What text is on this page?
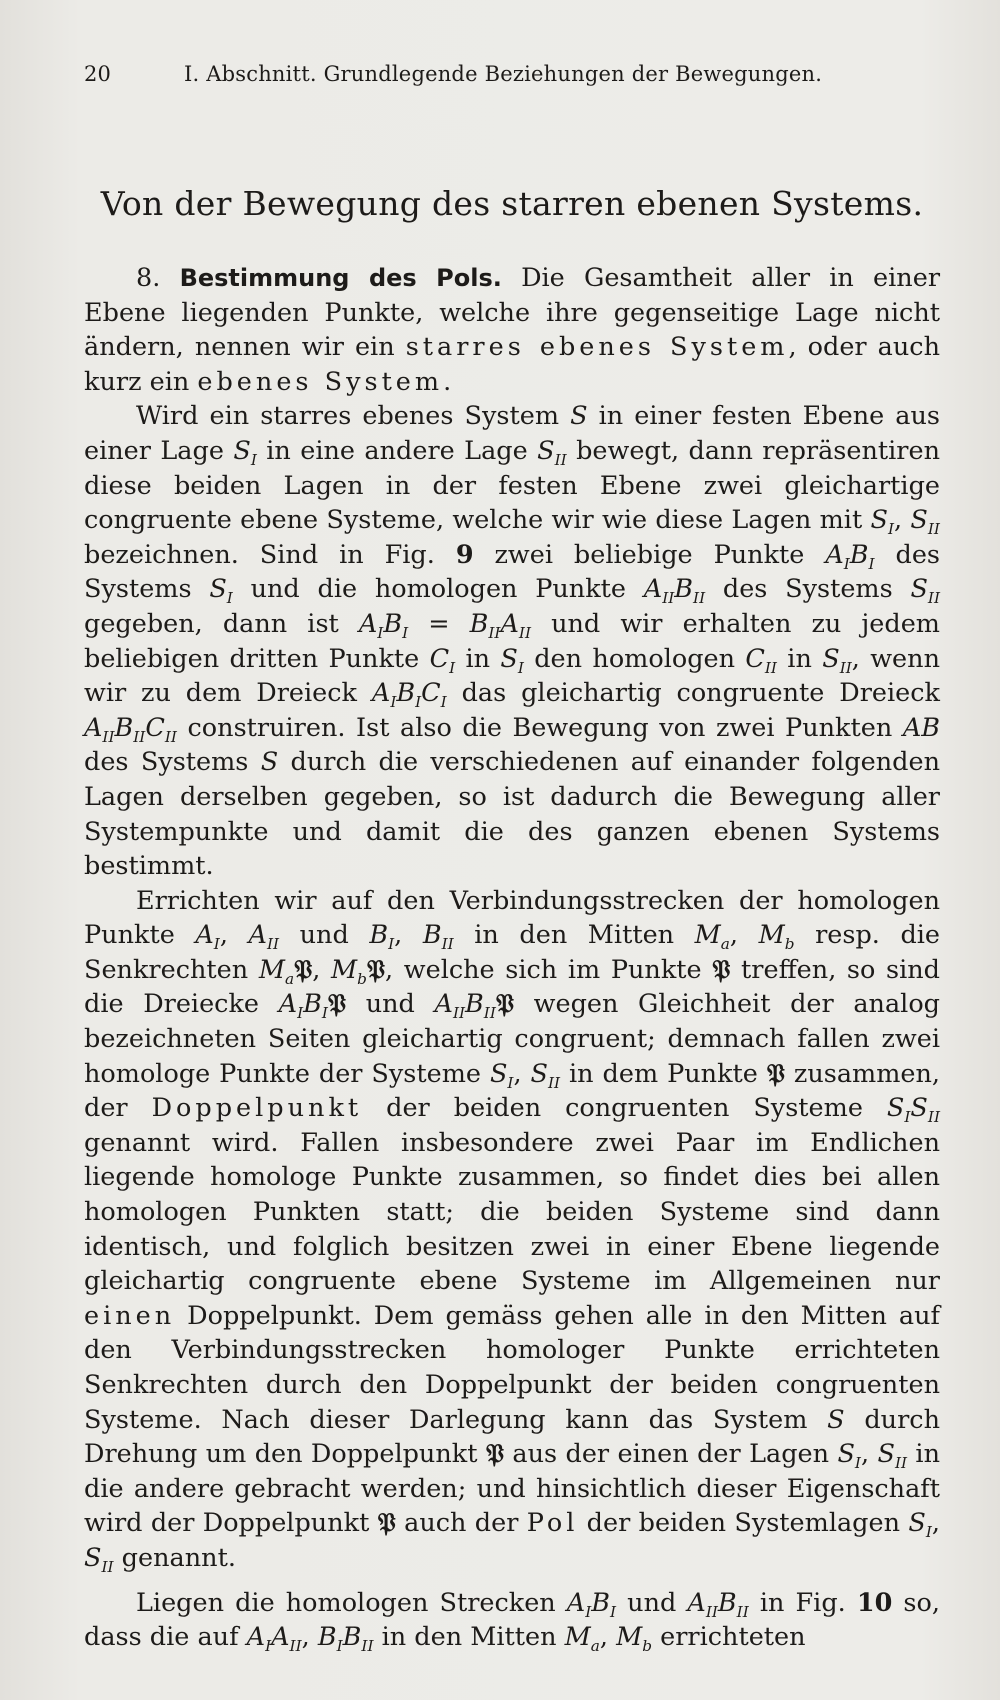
20	I. Abschnitt. Grundlegende Beziehungen der Bewegungen.
Von der Bewegung des starren ebenen Systems.

8. Bestimmung des Pols. Die Gesamtheit aller in einer Ebene liegenden Punkte, welche ihre gegenseitige Lage nicht ändern, nennen wir ein starres ebenes System, oder auch kurz ein ebenes System.

Wird ein starres ebenes System S in einer festen Ebene aus einer Lage $S_I$ in eine andere Lage $S_{II}$ bewegt, dann repräsentiren diese beiden Lagen in der festen Ebene zwei gleichartige congruente ebene Systeme, welche wir wie diese Lagen mit $S_I$, $S_{II}$ bezeichnen. Sind in Fig. 9 zwei beliebige Punkte $A_IB_I$ des Systems $S_I$ und die homologen Punkte $A_{II}B_{II}$ des Systems $S_{II}$ gegeben, dann ist $A_IB_I = B_{II}A_{II}$ und wir erhalten zu jedem beliebigen dritten Punkte $C_I$ in $S_I$ den homologen $C_{II}$ in $S_{II}$, wenn wir zu dem Dreieck $A_IB_IC_I$ das gleichartig congruente Dreieck $A_{II}B_{II}C_{II}$ construiren. Ist also die Bewegung von zwei Punkten AB des Systems S durch die verschiedenen auf einander folgenden Lagen derselben gegeben, so ist dadurch die Bewegung aller Systempunkte und damit die des ganzen ebenen Systems bestimmt.

Errichten wir auf den Verbindungsstrecken der homologen Punkte $A_I$, $A_{II}$ und $B_I$, $B_{II}$ in den Mitten $M_a$, $M_b$ resp. die Senkrechten $M_a𝔓$, $M_b𝔓$, welche sich im Punkte 𝔓 treffen, so sind die Dreiecke $A_IB_I𝔓$ und $A_{II}B_{II}𝔓$ wegen Gleichheit der analog bezeichneten Seiten gleichartig congruent; demnach fallen zwei homologe Punkte der Systeme $S_I$, $S_{II}$ in dem Punkte 𝔓 zusammen, der Doppelpunkt der beiden congruenten Systeme $S_IS_{II}$ genannt wird. Fallen insbesondere zwei Paar im Endlichen liegende homologe Punkte zusammen, so findet dies bei allen homologen Punkten statt; die beiden Systeme sind dann identisch, und folglich besitzen zwei in einer Ebene liegende gleichartig congruente ebene Systeme im Allgemeinen nur einen Doppelpunkt. Dem gemäss gehen alle in den Mitten auf den Verbindungsstrecken homologer Punkte errichteten Senkrechten durch den Doppelpunkt der beiden congruenten Systeme. Nach dieser Darlegung kann das System S durch Drehung um den Doppelpunkt 𝔓 aus der einen der Lagen $S_I$, $S_{II}$ in die andere gebracht werden; und hinsichtlich dieser Eigenschaft wird der Doppelpunkt 𝔓 auch der Pol der beiden Systemlagen $S_I$, $S_{II}$ genannt.

Liegen die homologen Strecken $A_IB_I$ und $A_{II}B_{II}$ in Fig. 10 so, dass die auf $A_IA_{II}$, $B_IB_{II}$ in den Mitten $M_a$, $M_b$ errichteten
